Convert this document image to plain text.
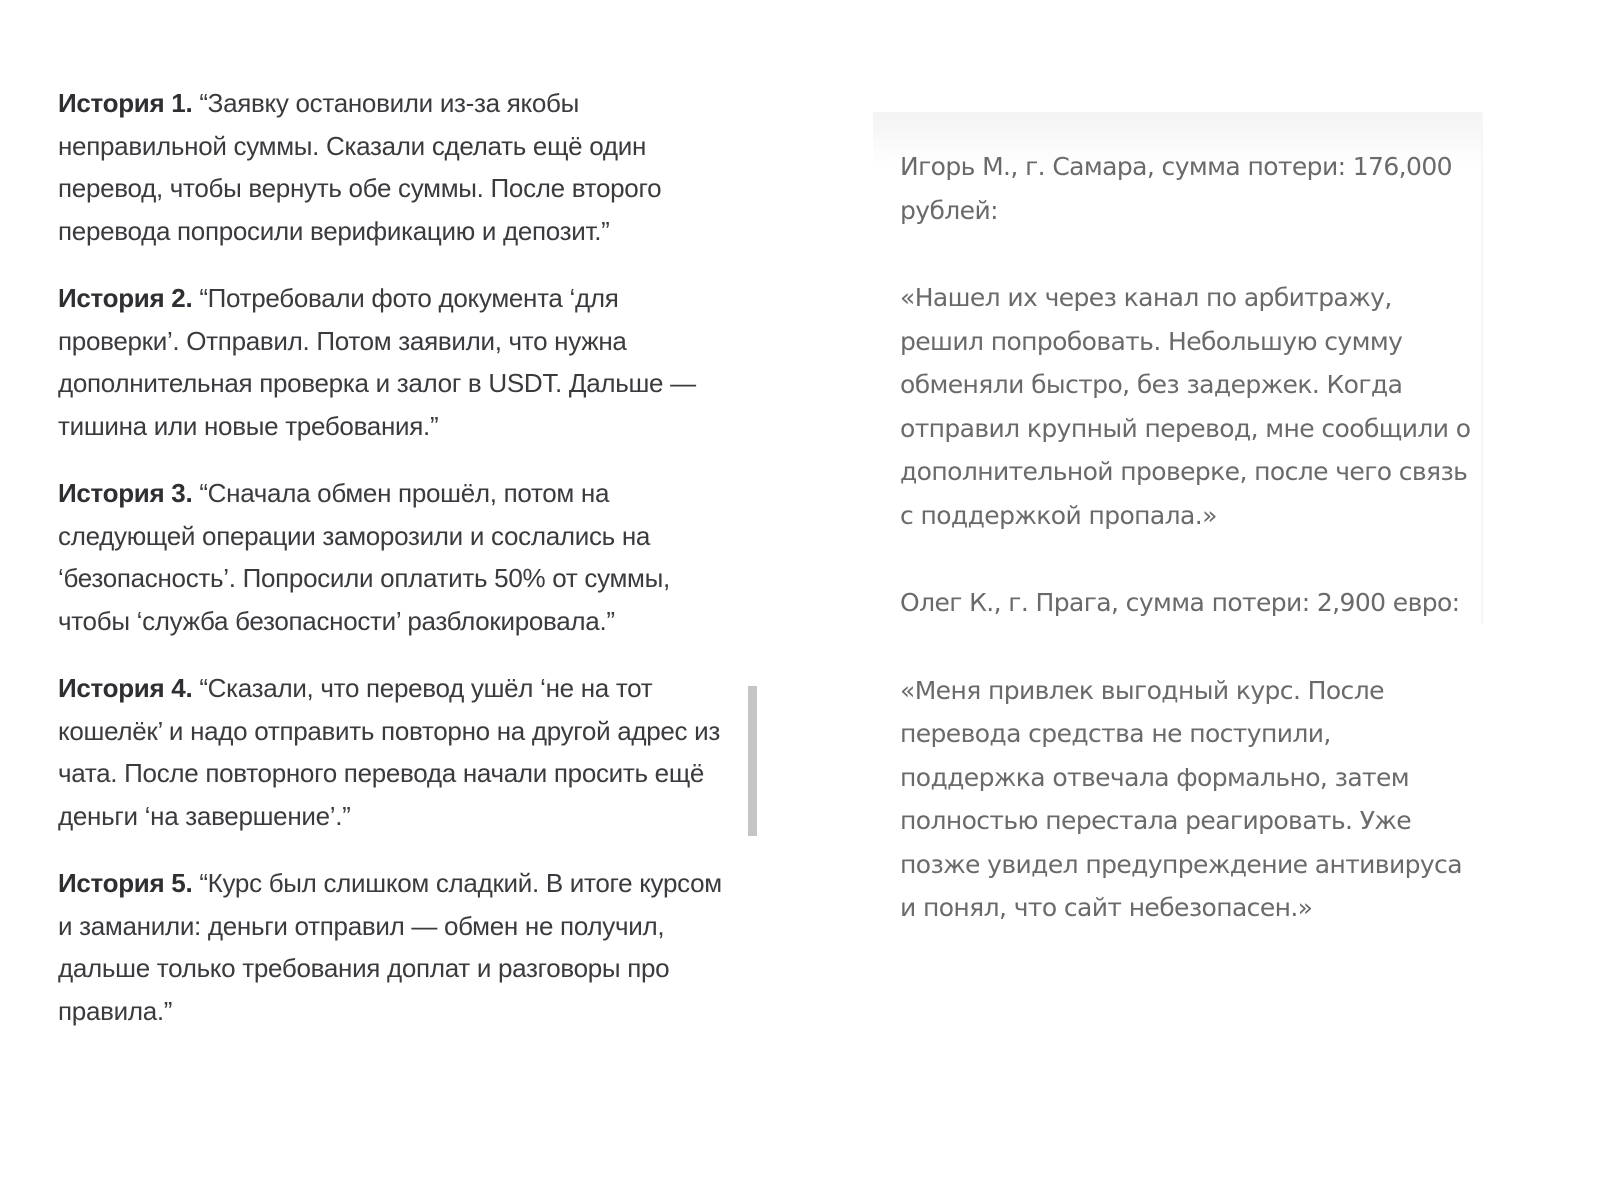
История 1. “Заявку остановили из-за якобы неправильной суммы. Сказали сделать ещё один перевод, чтобы вернуть обе суммы. После второго перевода попросили верификацию и депозит.”

История 2. “Потребовали фото документа ‘для проверки’. Отправил. Потом заявили, что нужна дополнительная проверка и залог в USDT. Дальше — тишина или новые требования.”

История 3. “Сначала обмен прошёл, потом на следующей операции заморозили и сослались на ‘безопасность’. Попросили оплатить 50% от суммы, чтобы ‘служба безопасности’ разблокировала.”

История 4. “Сказали, что перевод ушёл ‘не на тот кошелёк’ и надо отправить повторно на другой адрес из чата. После повторного перевода начали просить ещё деньги ‘на завершение’.”

История 5. “Курс был слишком сладкий. В итоге курсом и заманили: деньги отправил — обмен не получил, дальше только требования доплат и разговоры про правила.”

Игорь М., г. Самара, сумма потери: 176,000 рублей:

«Нашел их через канал по арбитражу, решил попробовать. Небольшую сумму обменяли быстро, без задержек. Когда отправил крупный перевод, мне сообщили о дополнительной проверке, после чего связь с поддержкой пропала.»

Олег К., г. Прага, сумма потери: 2,900 евро:

«Меня привлек выгодный курс. После перевода средства не поступили, поддержка отвечала формально, затем полностью перестала реагировать. Уже позже увидел предупреждение антивируса и понял, что сайт небезопасен.»
